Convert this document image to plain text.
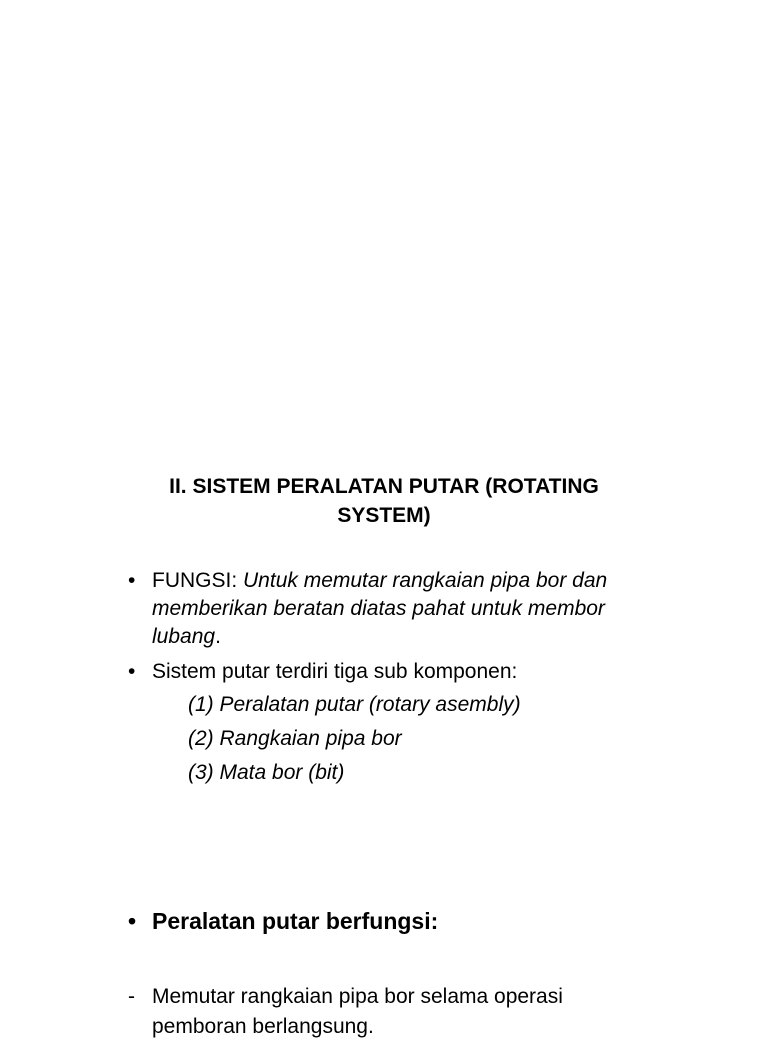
II. SISTEM PERALATAN PUTAR (ROTATING SYSTEM)
• FUNGSI: Untuk memutar rangkaian pipa bor dan memberikan beratan diatas pahat untuk membor lubang.
• Sistem putar terdiri tiga sub komponen:
(1) Peralatan putar (rotary asembly)
(2) Rangkaian pipa bor
(3) Mata bor (bit)
• Peralatan putar berfungsi:
- Memutar rangkaian pipa bor selama operasi pemboran berlangsung.
